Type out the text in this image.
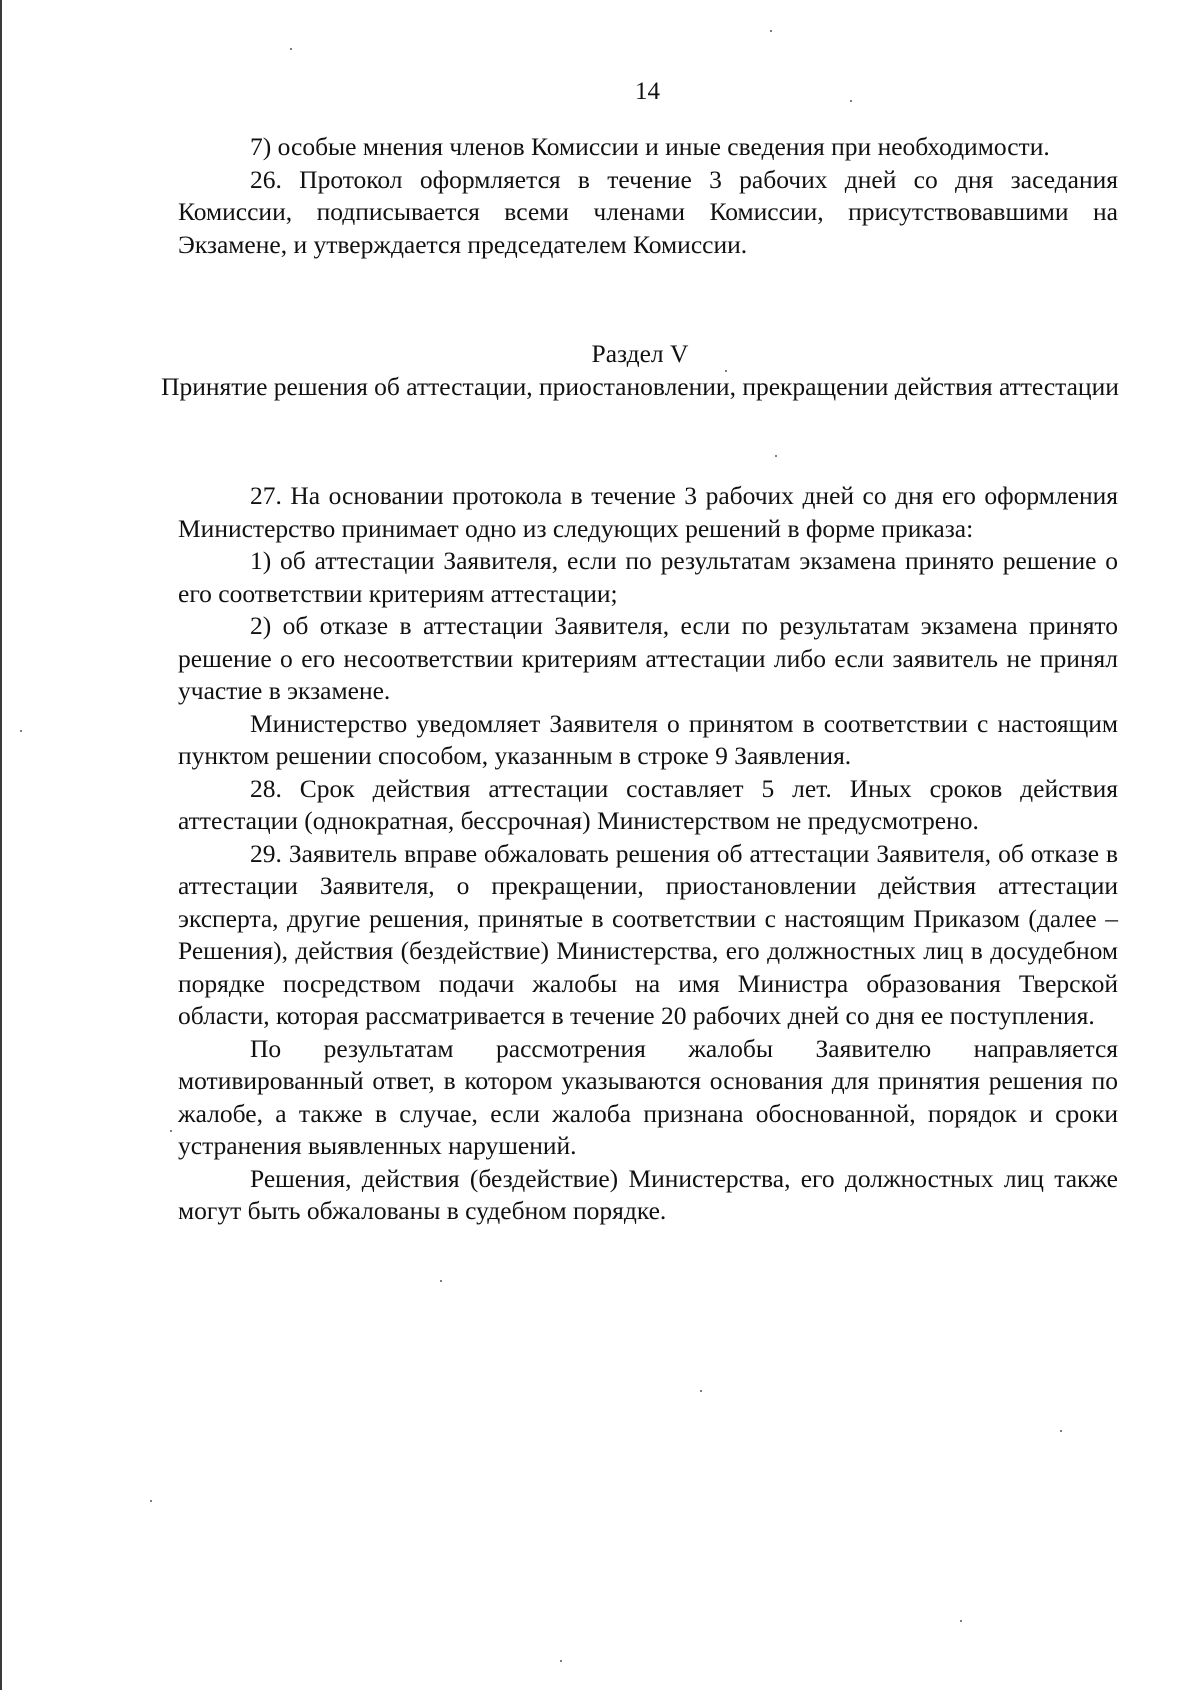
14

7) особые мнения членов Комиссии и иные сведения при необходимости.

26. Протокол оформляется в течение 3 рабочих дней со дня заседания Комиссии, подписывается всеми членами Комиссии, присутствовавшими на Экзамене, и утверждается председателем Комиссии.

Раздел V
Принятие решения об аттестации, приостановлении, прекращении действия аттестации

27. На основании протокола в течение 3 рабочих дней со дня его оформления Министерство принимает одно из следующих решений в форме приказа:

1) об аттестации Заявителя, если по результатам экзамена принято решение о его соответствии критериям аттестации;

2) об отказе в аттестации Заявителя, если по результатам экзамена принято решение о его несоответствии критериям аттестации либо если заявитель не принял участие в экзамене.

Министерство уведомляет Заявителя о принятом в соответствии с настоящим пунктом решении способом, указанным в строке 9 Заявления.

28. Срок действия аттестации составляет 5 лет. Иных сроков действия аттестации (однократная, бессрочная) Министерством не предусмотрено.

29. Заявитель вправе обжаловать решения об аттестации Заявителя, об отказе в аттестации Заявителя, о прекращении, приостановлении действия аттестации эксперта, другие решения, принятые в соответствии с настоящим Приказом (далее – Решения), действия (бездействие) Министерства, его должностных лиц в досудебном порядке посредством подачи жалобы на имя Министра образования Тверской области, которая рассматривается в течение 20 рабочих дней со дня ее поступления.

По результатам рассмотрения жалобы Заявителю направляется мотивированный ответ, в котором указываются основания для принятия решения по жалобе, а также в случае, если жалоба признана обоснованной, порядок и сроки устранения выявленных нарушений.

Решения, действия (бездействие) Министерства, его должностных лиц также могут быть обжалованы в судебном порядке.
